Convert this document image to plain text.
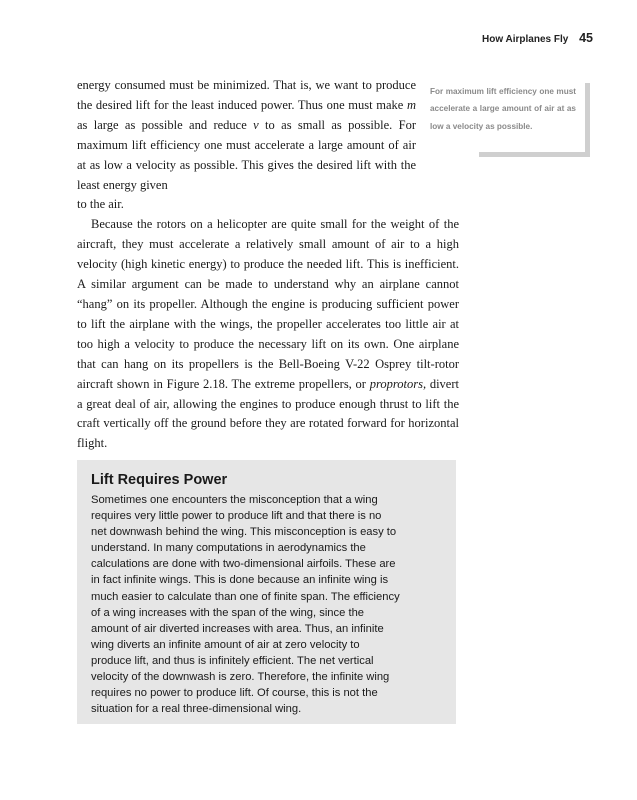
How Airplanes Fly 45
For maximum lift efficiency one must accelerate a large amount of air at as low a velocity as possible.

energy consumed must be minimized. That is, we want to produce the desired lift for the least induced power. Thus one must make m as large as possible and reduce v to as small as possible. For maximum lift efficiency one must accelerate a large amount of air at as low a velocity as possible. This gives the desired lift with the least energy given

to the air.

Because the rotors on a helicopter are quite small for the weight of the aircraft, they must accelerate a relatively small amount of air to a high velocity (high kinetic energy) to produce the needed lift. This is inefficient. A similar argument can be made to understand why an airplane cannot “hang” on its propeller. Although the engine is producing sufficient power to lift the airplane with the wings, the propeller accelerates too little air at too high a velocity to produce the necessary lift on its own. One airplane that can hang on its propellers is the Bell-Boeing V-22 Osprey tilt-rotor aircraft shown in Figure 2.18. The extreme propellers, or proprotors, divert a great deal of air, allowing the engines to produce enough thrust to lift the craft vertically off the ground before they are rotated forward for horizontal flight.

Lift Requires Power
Sometimes one encounters the misconception that a wing
requires very little power to produce lift and that there is no
net downwash behind the wing. This misconception is easy to
understand. In many computations in aerodynamics the
calculations are done with two-dimensional airfoils. These are
in fact infinite wings. This is done because an infinite wing is
much easier to calculate than one of finite span. The efficiency
of a wing increases with the span of the wing, since the
amount of air diverted increases with area. Thus, an infinite
wing diverts an infinite amount of air at zero velocity to
produce lift, and thus is infinitely efficient. The net vertical
velocity of the downwash is zero. Therefore, the infinite wing
requires no power to produce lift. Of course, this is not the
situation for a real three-dimensional wing.
